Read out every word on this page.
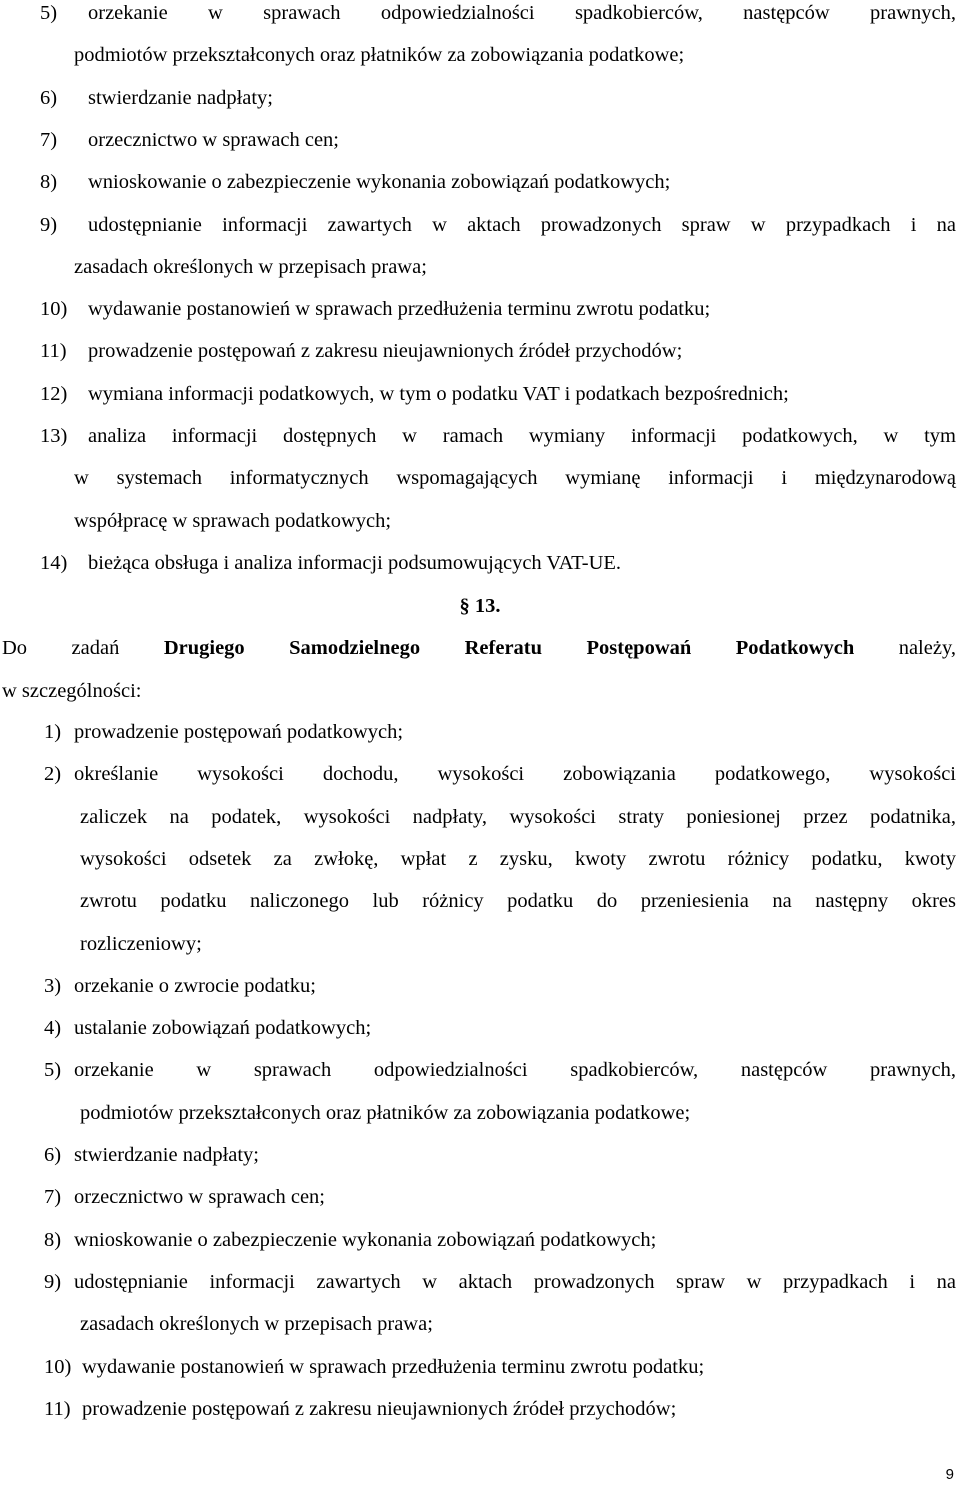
5) orzekanie w sprawach odpowiedzialności spadkobierców, następców prawnych,
podmiotów przekształconych oraz płatników za zobowiązania podatkowe;
6) stwierdzanie nadpłaty;
7) orzecznictwo w sprawach cen;
8) wnioskowanie o zabezpieczenie wykonania zobowiązań podatkowych;
9) udostępnianie informacji zawartych w aktach prowadzonych spraw w przypadkach i na
zasadach określonych w przepisach prawa;
10) wydawanie postanowień w sprawach przedłużenia terminu zwrotu podatku;
11) prowadzenie postępowań z zakresu nieujawnionych źródeł przychodów;
12) wymiana informacji podatkowych, w tym o podatku VAT i podatkach bezpośrednich;
13) analiza informacji dostępnych w ramach wymiany informacji podatkowych, w tym
w systemach informatycznych wspomagających wymianę informacji i międzynarodową
współpracę w sprawach podatkowych;
14) bieżąca obsługa i analiza informacji podsumowujących VAT-UE.
§ 13.
Do zadań Drugiego Samodzielnego Referatu Postępowań Podatkowych należy,
w szczególności:
1) prowadzenie postępowań podatkowych;
2) określanie wysokości dochodu, wysokości zobowiązania podatkowego, wysokości
zaliczek na podatek, wysokości nadpłaty, wysokości straty poniesionej przez podatnika,
wysokości odsetek za zwłokę, wpłat z zysku, kwoty zwrotu różnicy podatku, kwoty
zwrotu podatku naliczonego lub różnicy podatku do przeniesienia na następny okres
rozliczeniowy;
3) orzekanie o zwrocie podatku;
4) ustalanie zobowiązań podatkowych;
5) orzekanie w sprawach odpowiedzialności spadkobierców, następców prawnych,
podmiotów przekształconych oraz płatników za zobowiązania podatkowe;
6) stwierdzanie nadpłaty;
7) orzecznictwo w sprawach cen;
8) wnioskowanie o zabezpieczenie wykonania zobowiązań podatkowych;
9) udostępnianie informacji zawartych w aktach prowadzonych spraw w przypadkach i na
zasadach określonych w przepisach prawa;
10) wydawanie postanowień w sprawach przedłużenia terminu zwrotu podatku;
11) prowadzenie postępowań z zakresu nieujawnionych źródeł przychodów;
9
